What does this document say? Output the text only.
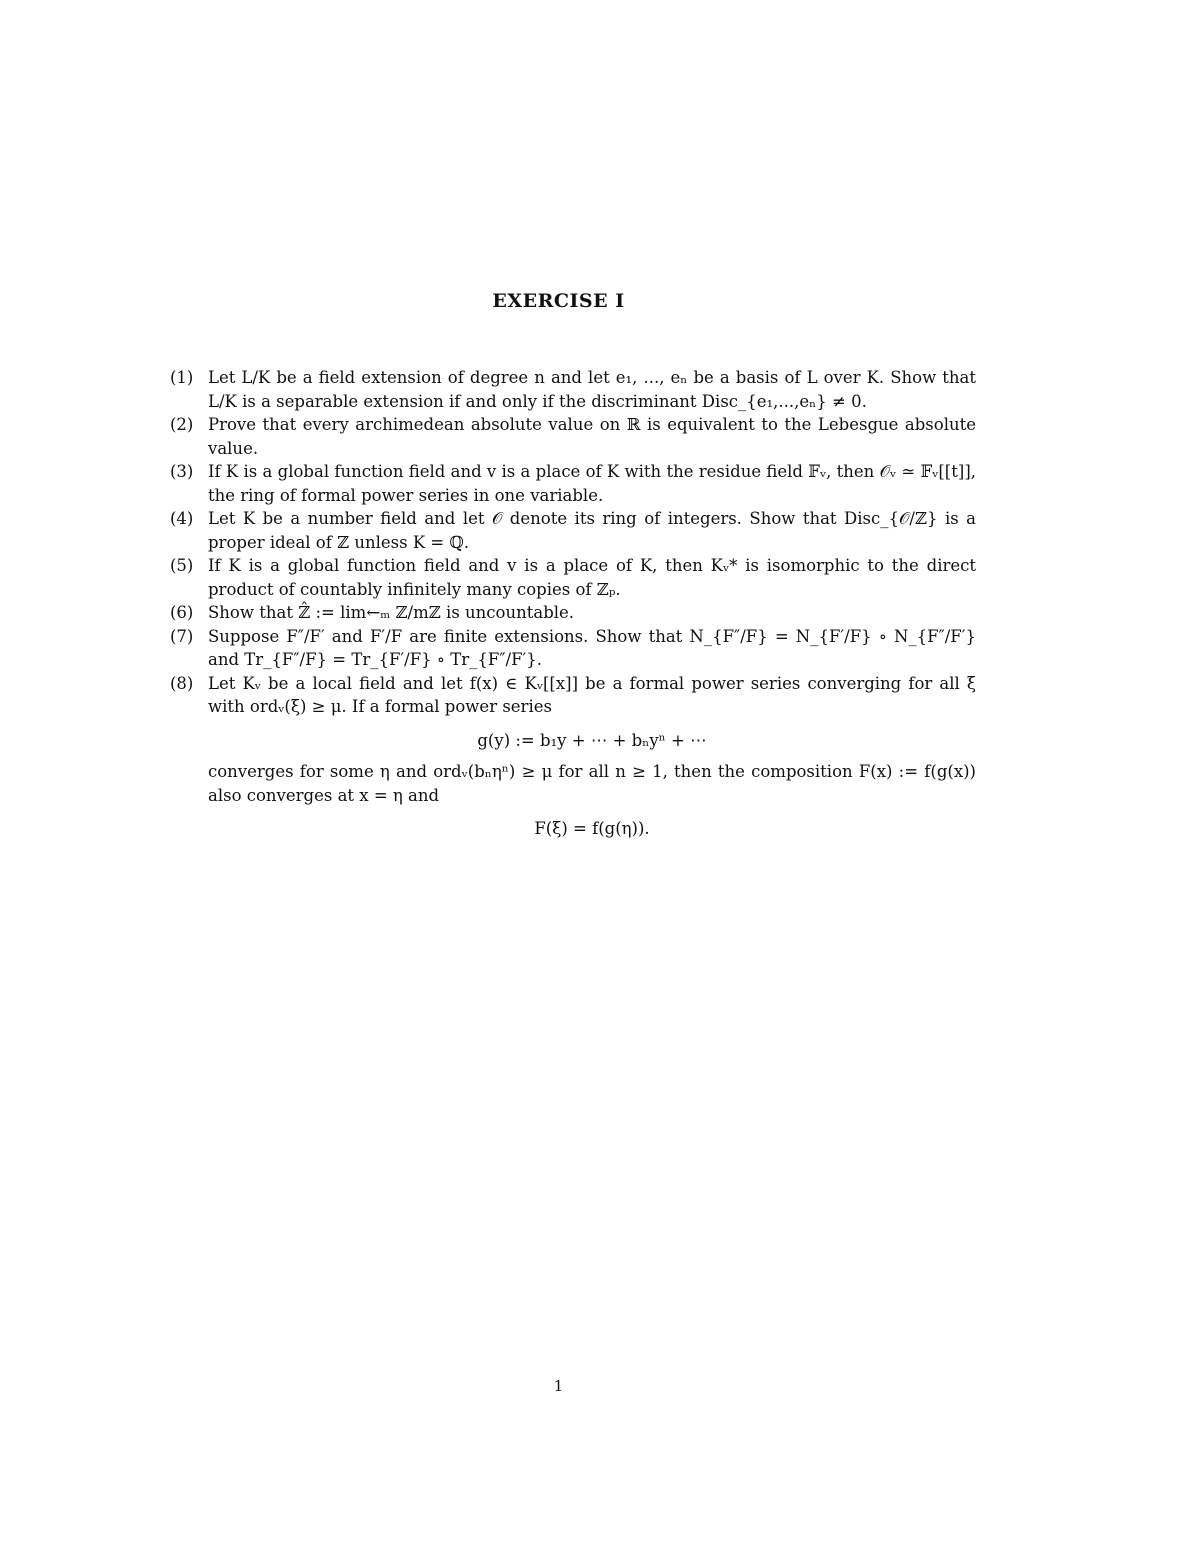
EXERCISE I
(1) Let L/K be a field extension of degree n and let e₁, ..., eₙ be a basis of L over K. Show that L/K is a separable extension if and only if the discriminant Disc_{e₁,...,eₙ} ≠ 0.
(2) Prove that every archimedean absolute value on ℝ is equivalent to the Lebesgue absolute value.
(3) If K is a global function field and v is a place of K with the residue field 𝔽ᵥ, then 𝒪ᵥ ≃ 𝔽ᵥ[[t]], the ring of formal power series in one variable.
(4) Let K be a number field and let 𝒪 denote its ring of integers. Show that Disc_{𝒪/ℤ} is a proper ideal of ℤ unless K = ℚ.
(5) If K is a global function field and v is a place of K, then Kᵥ* is isomorphic to the direct product of countably infinitely many copies of ℤₚ.
(6) Show that ℤ̂ := lim←ₘ ℤ/mℤ is uncountable.
(7) Suppose F″/F′ and F′/F are finite extensions. Show that N_{F″/F} = N_{F′/F} ∘ N_{F″/F′} and Tr_{F″/F} = Tr_{F′/F} ∘ Tr_{F″/F′}.
(8) Let Kᵥ be a local field and let f(x) ∈ Kᵥ[[x]] be a formal power series converging for all ξ with ordᵥ(ξ) ≥ μ. If a formal power series
g(y) := b₁y + ⋯ + bₙyⁿ + ⋯
converges for some η and ordᵥ(bₙηⁿ) ≥ μ for all n ≥ 1, then the composition F(x) := f(g(x)) also converges at x = η and
F(ξ) = f(g(η)).
1
